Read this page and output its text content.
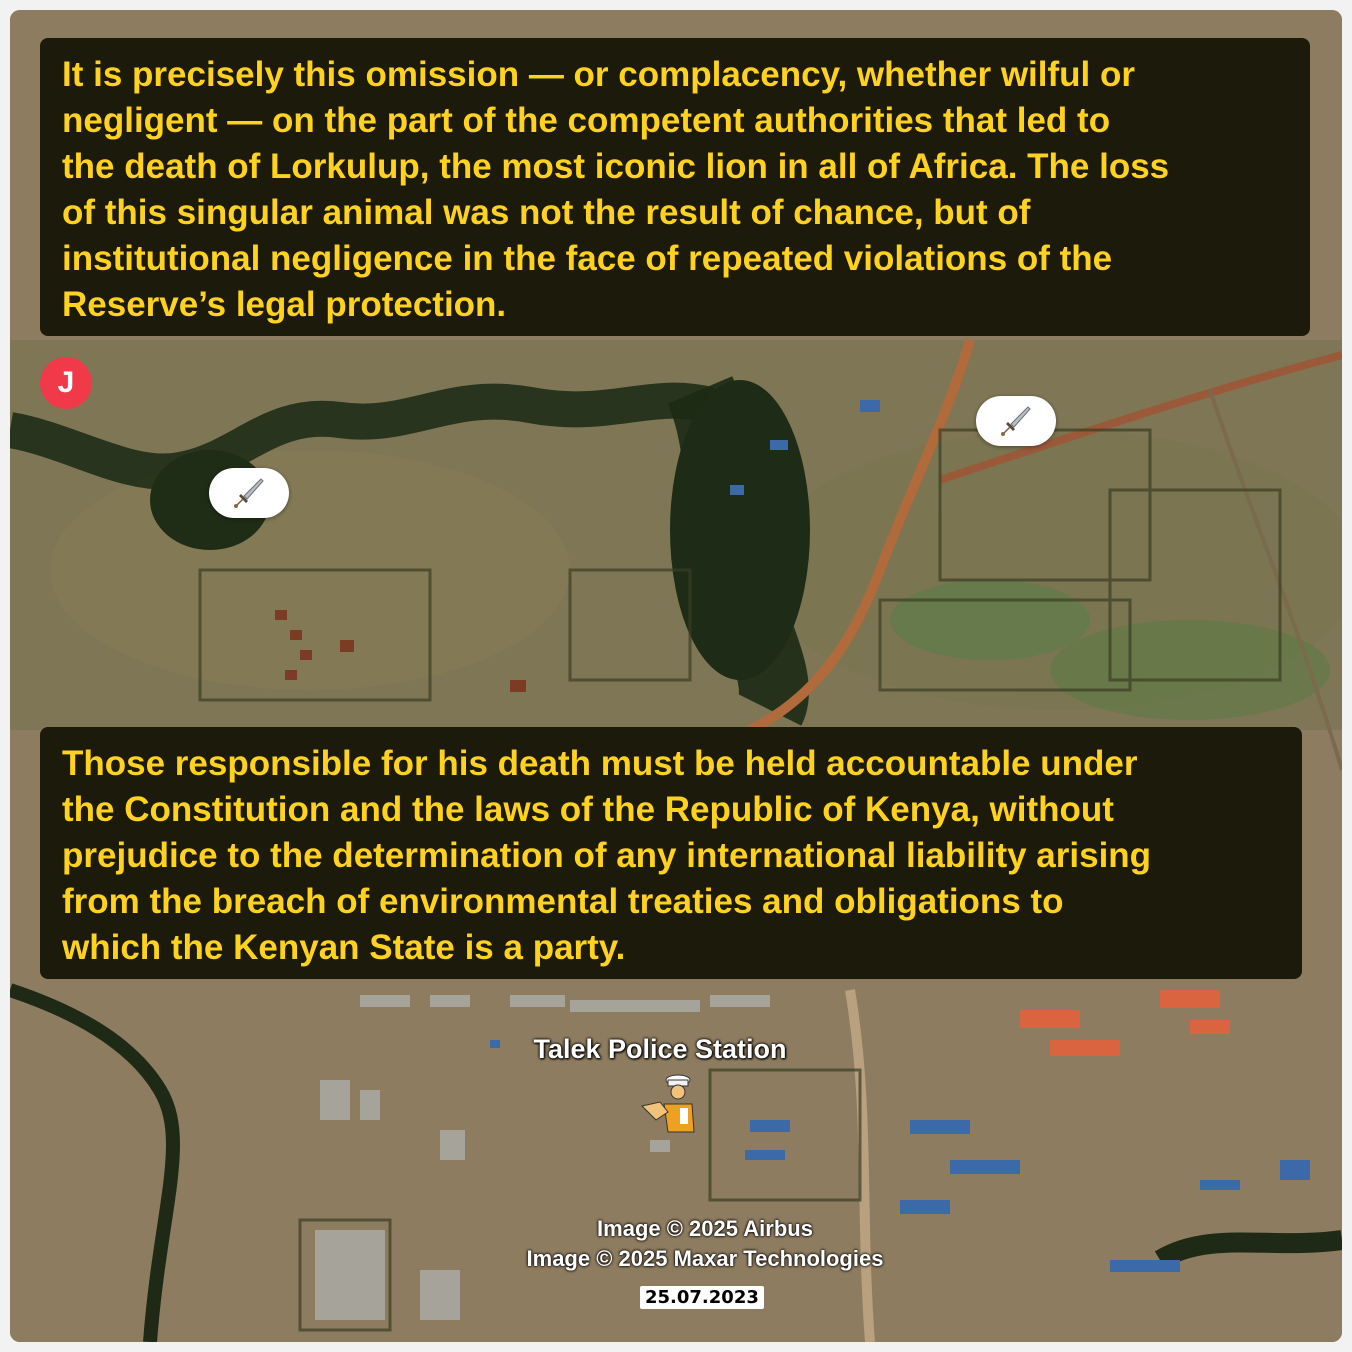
It is precisely this omission — or complacency, whether wilful or
negligent — on the part of the competent authorities that led to
the death of Lorkulup, the most iconic lion in all of Africa. The loss
of this singular animal was not the result of chance, but of
institutional negligence in the face of repeated violations of the
Reserve’s legal protection.
J
Those responsible for his death must be held accountable under
the Constitution and the laws of the Republic of Kenya, without
prejudice to the determination of any international liability arising
from the breach of environmental treaties and obligations to
which the Kenyan State is a party.
Talek Police Station
Image © 2025 Airbus
Image © 2025 Maxar Technologies
25.07.2023
